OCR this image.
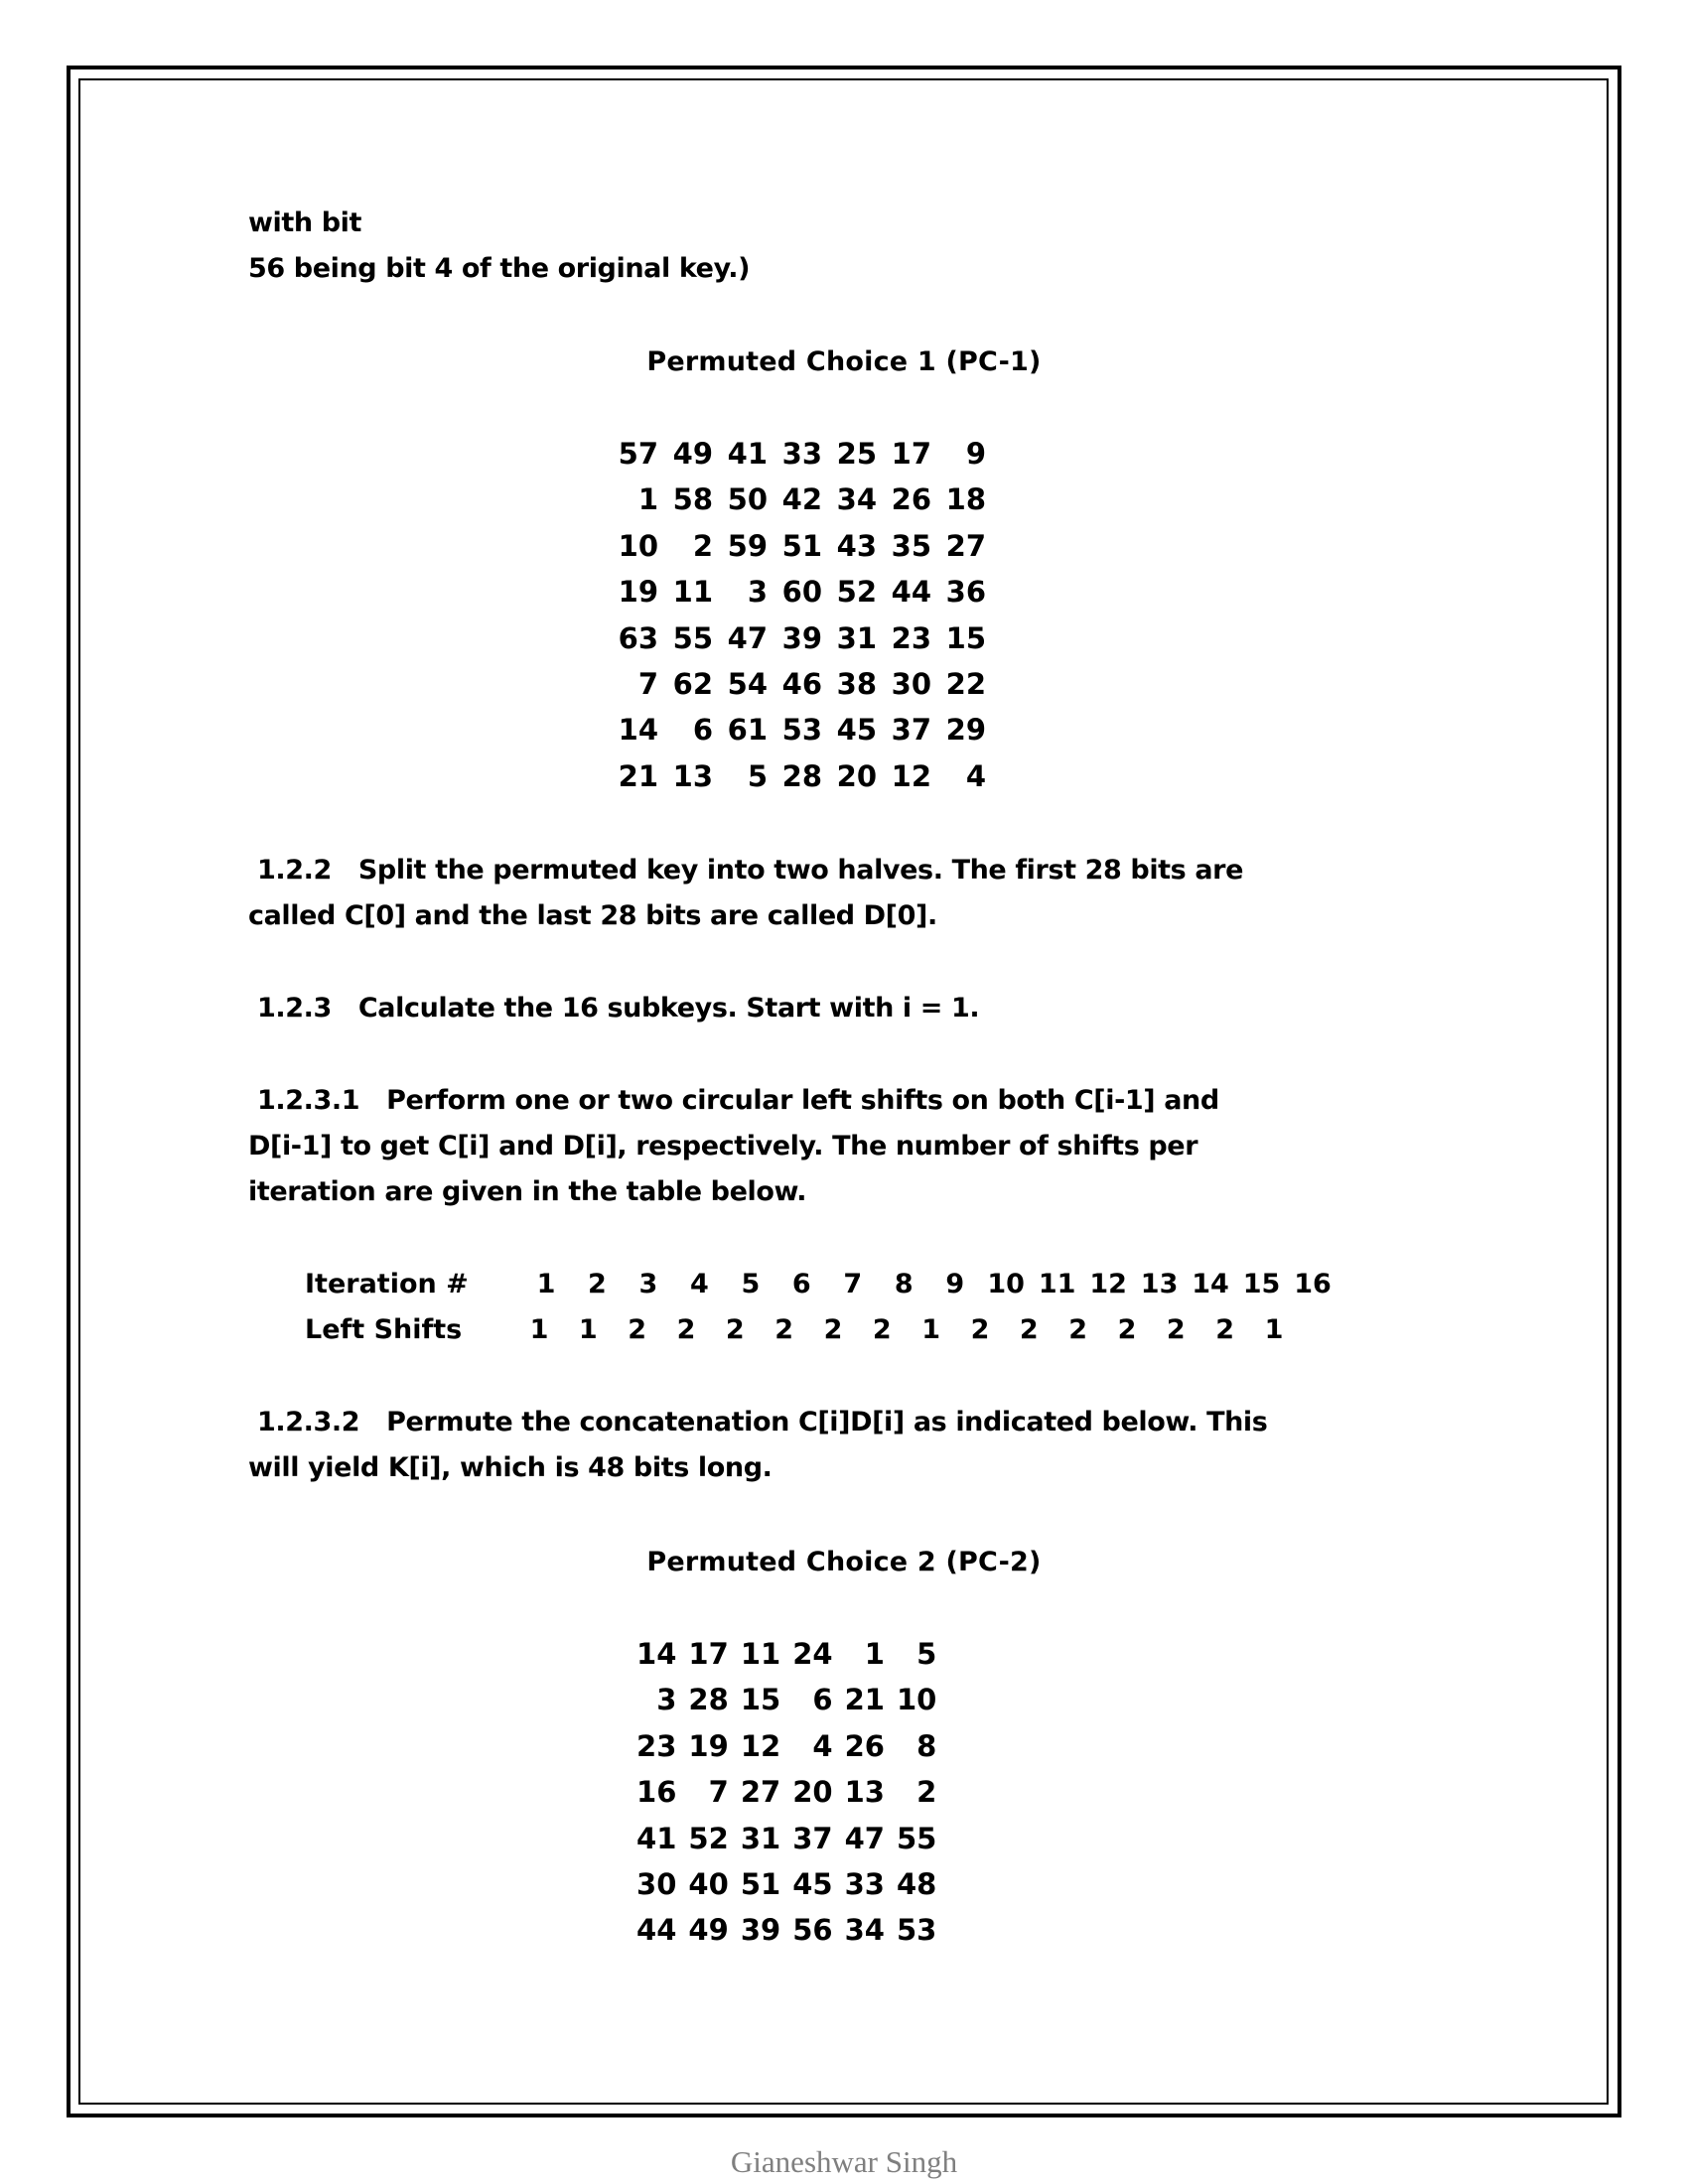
with bit
56 being bit 4 of the original key.)
Permuted Choice 1 (PC-1)
57 49 41 33 25 17	9
1 58 50 42 34 26 18
10	2 59 51 43 35 27
19 11	3 60 52 44 36
63 55 47 39 31 23 15
7 62 54 46 38 30 22
14	6 61 53 45 37 29
21 13	5 28 20 12	4
1.2.2   Split the permuted key into two halves. The first 28 bits are
called C[0] and the last 28 bits are called D[0].
1.2.3   Calculate the 16 subkeys. Start with i = 1.
1.2.3.1   Perform one or two circular left shifts on both C[i-1] and
D[i-1] to get C[i] and D[i], respectively. The number of shifts per
iteration are given in the table below.
Iteration #	1	2	3	4	5	6	7	8	9 10 11 12 13 14 15 16
Left Shifts	1	1	2	2	2	2	2	2	1	2	2	2	2	2	2	1
1.2.3.2   Permute the concatenation C[i]D[i] as indicated below. This
will yield K[i], which is 48 bits long.
Permuted Choice 2 (PC-2)
14 17 11 24	1	5
3 28 15	6 21 10
23 19 12	4 26	8
16	7 27 20 13	2
41 52 31 37 47 55
30 40 51 45 33 48
44 49 39 56 34 53
Gianeshwar Singh
